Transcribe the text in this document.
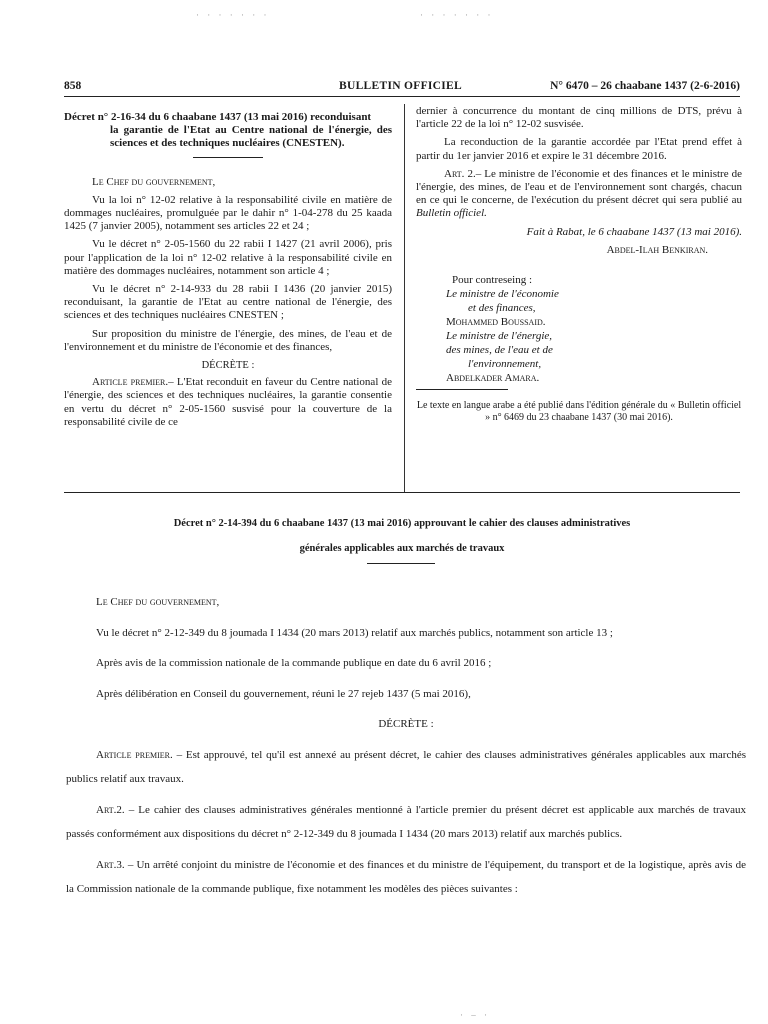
· · · · · · ·	· · · · · · ·
858	BULLETIN OFFICIEL	N° 6470 – 26 chaabane 1437 (2-6-2016)
Décret n° 2-16-34 du 6 chaabane 1437 (13 mai 2016) reconduisant
la garantie de l'Etat au Centre national de l'énergie, des sciences et des techniques nucléaires (CNESTEN).

Le Chef du gouvernement,

Vu la loi n° 12-02 relative à la responsabilité civile en matière de dommages nucléaires, promulguée par le dahir n° 1-04-278 du 25 kaada 1425 (7 janvier 2005), notamment ses articles 22 et 24 ;

Vu le décret n° 2-05-1560 du 22 rabii I 1427 (21 avril 2006), pris pour l'application de la loi n° 12-02 relative à la responsabilité civile en matière des dommages nucléaires, notamment son article 4 ;

Vu le décret n° 2-14-933 du 28 rabii I 1436 (20 janvier 2015) reconduisant, la garantie de l'Etat au centre national de l'énergie, des sciences et des techniques nucléaires CNESTEN ;

Sur proposition du ministre de l'énergie, des mines, de l'eau et de l'environnement et du ministre de l'économie et des finances,

DÉCRÈTE :

Article premier.– L'Etat reconduit en faveur du Centre national de l'énergie, des sciences et des techniques nucléaires, la garantie consentie en vertu du décret n° 2-05-1560 susvisé pour la couverture de la responsabilité civile de ce

dernier à concurrence du montant de cinq millions de DTS, prévu à l'article 22 de la loi n° 12-02 susvisée.

La reconduction de la garantie accordée par l'Etat prend effet à partir du 1er janvier 2016 et expire le 31 décembre 2016.

Art. 2.– Le ministre de l'économie et des finances et le ministre de l'énergie, des mines, de l'eau et de l'environnement sont chargés, chacun en ce qui le concerne, de l'exécution du présent décret qui sera publié au Bulletin officiel.

Fait à Rabat, le 6 chaabane 1437 (13 mai 2016).

Abdel-Ilah Benkiran.

Pour contreseing :

Le ministre de l'économie

et des finances,

Mohammed Boussaid.

Le ministre de l'énergie,

des mines, de l'eau et de

l'environnement,

Abdelkader Amara.

Le texte en langue arabe a été publié dans l'édition générale du « Bulletin officiel » n° 6469 du 23 chaabane 1437 (30 mai 2016).

Décret n° 2-14-394 du 6 chaabane 1437 (13 mai 2016) approuvant le cahier des clauses administratives
générales applicables aux marchés de travaux

Le Chef du gouvernement,

Vu le décret n° 2-12-349 du 8 joumada I 1434 (20 mars 2013) relatif aux marchés publics, notamment son article 13 ;

Après avis de la commission nationale de la commande publique en date du 6 avril 2016 ;

Après délibération en Conseil du gouvernement, réuni le 27 rejeb 1437 (5 mai 2016),

DÉCRÈTE :

Article premier. – Est approuvé, tel qu'il est annexé au présent décret, le cahier des clauses administratives générales applicables aux marchés publics relatif aux travaux.

Art.2. – Le cahier des clauses administratives générales mentionné à l'article premier du présent décret est applicable aux marchés de travaux passés conformément aux dispositions du décret n° 2-12-349 du 8 joumada I 1434 (20 mars 2013) relatif aux marchés publics.

Art.3. – Un arrêté conjoint du ministre de l'économie et des finances et du ministre de l'équipement, du transport et de la logistique, après avis de la Commission nationale de la commande publique, fixe notamment les modèles des pièces suivantes :

· – ·
